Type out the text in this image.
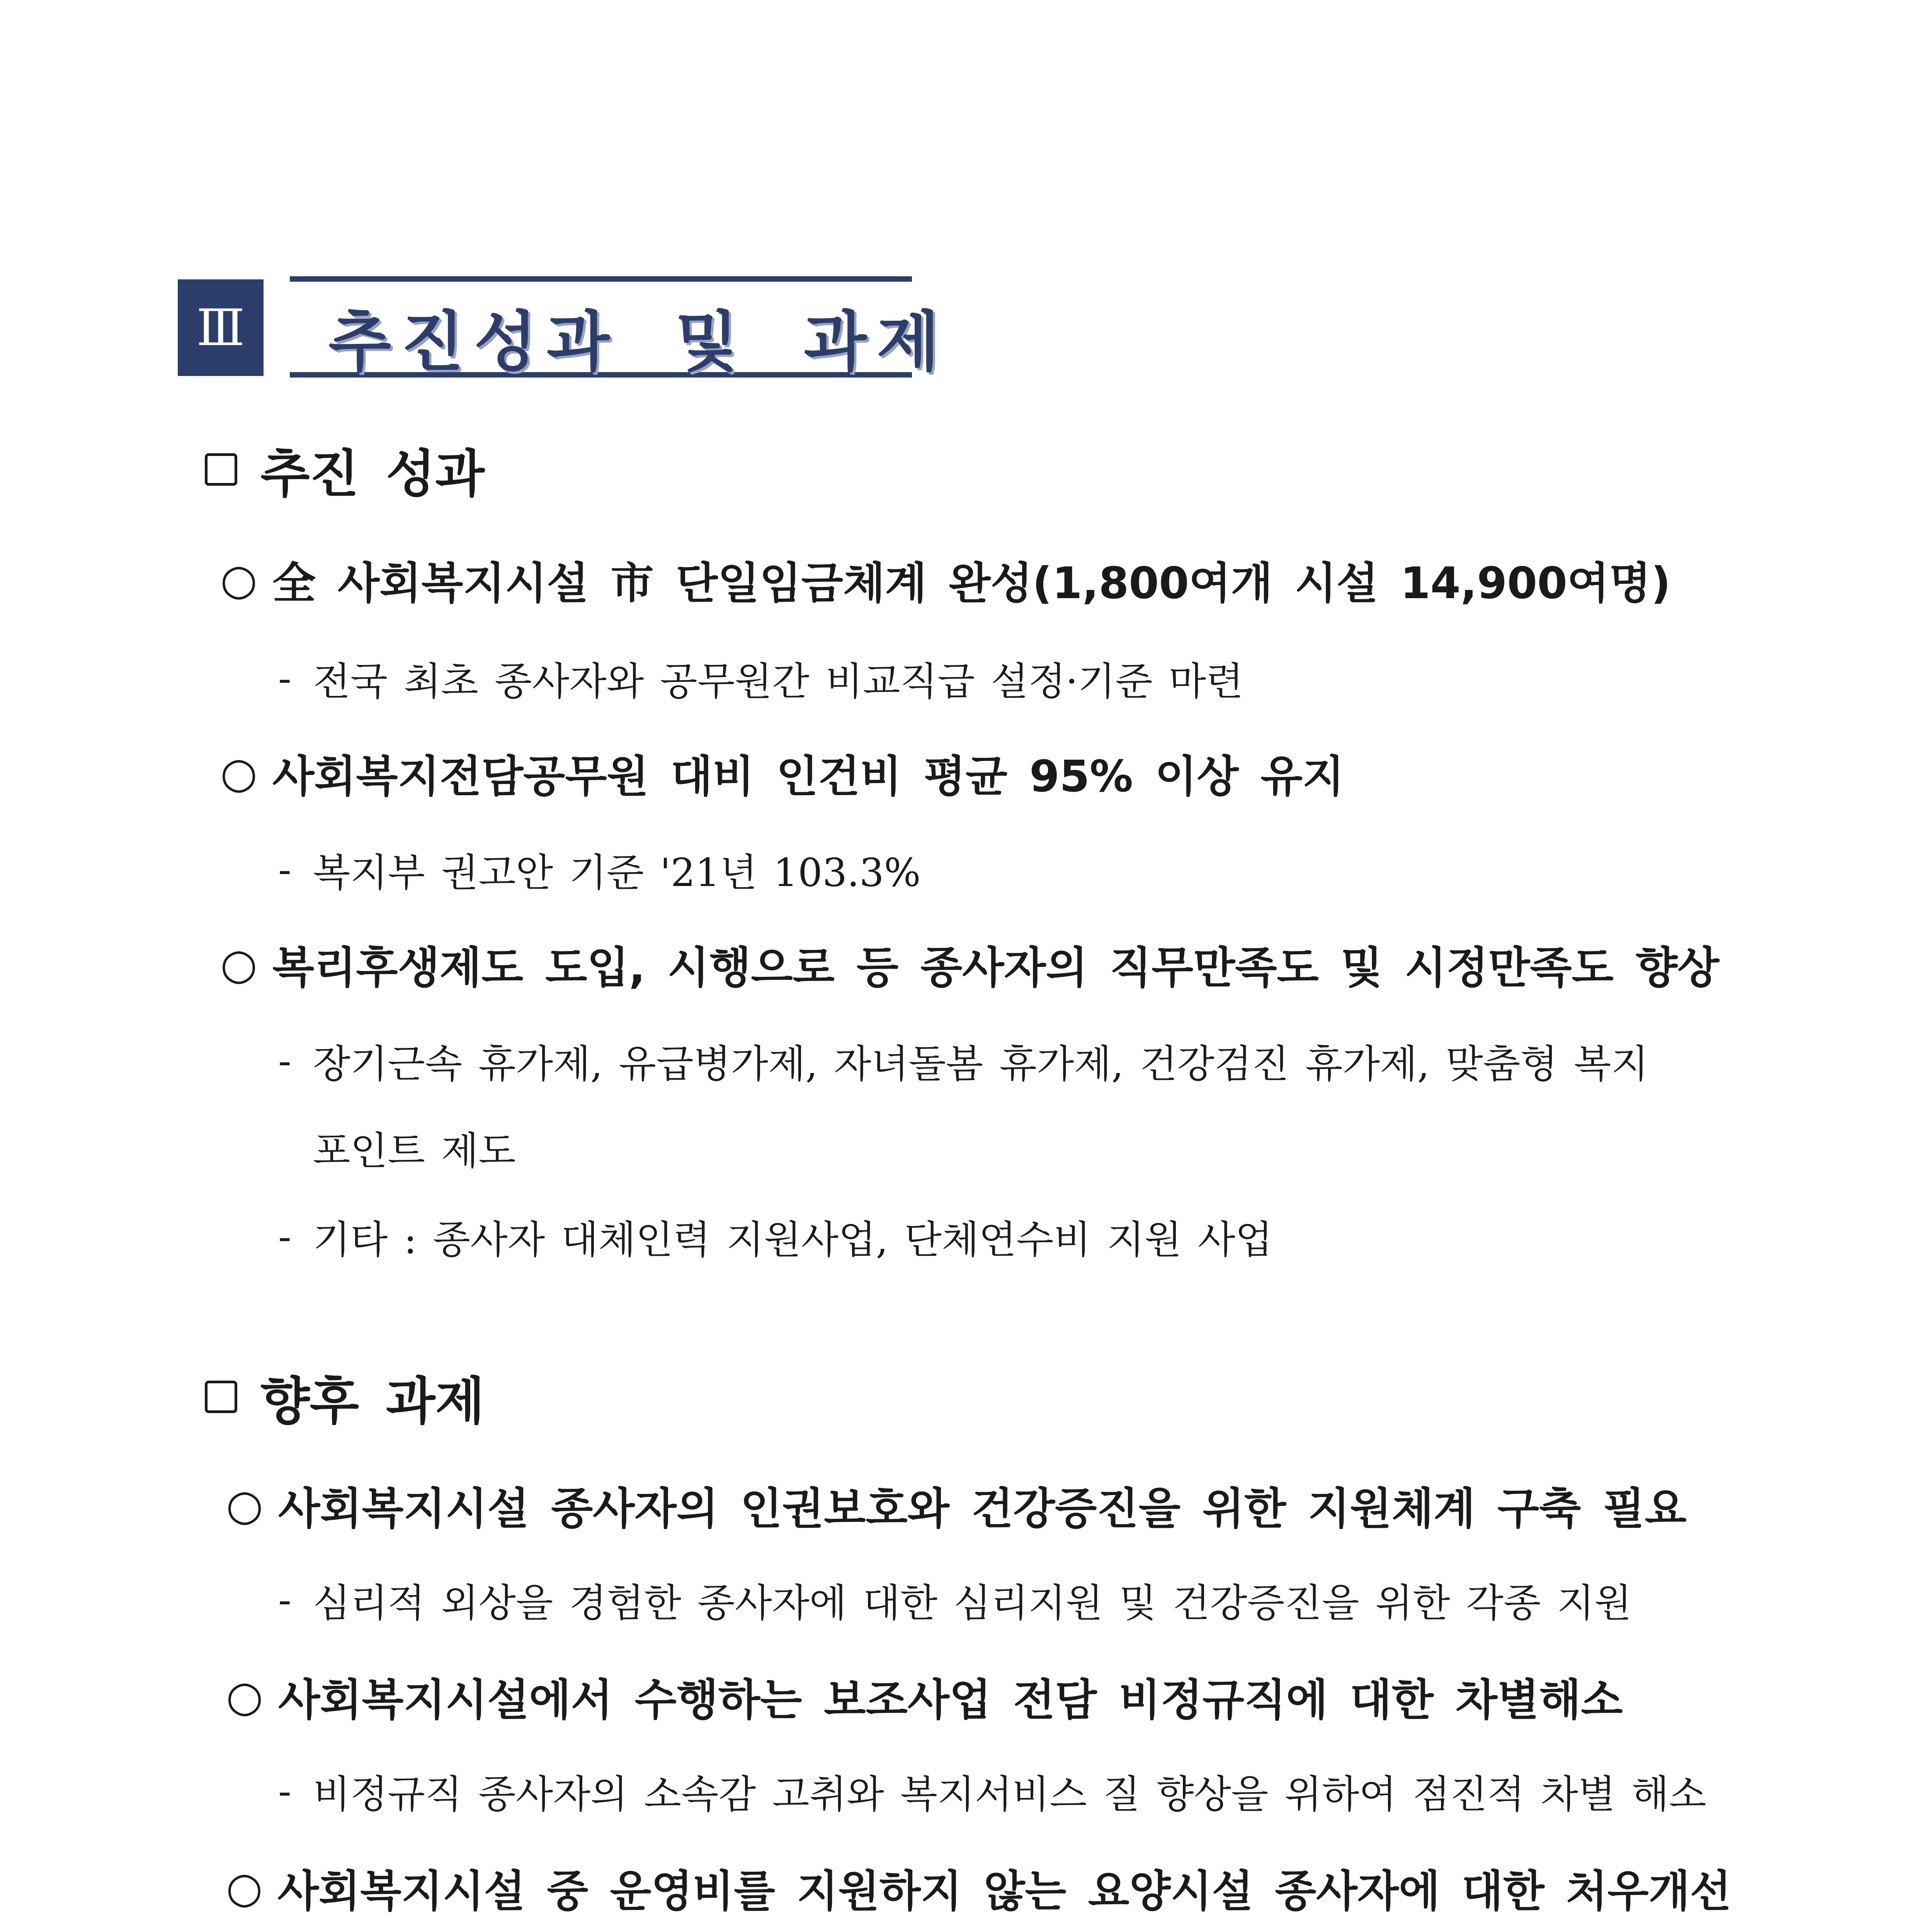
Ⅲ 추진성과 및 과제
추진 성과
○ 全 사회복지시설 市 단일임금체계 완성(1,800여개 시설 14,900여명)
- 전국 최초 종사자와 공무원간 비교직급 설정·기준 마련
○ 사회복지전담공무원 대비 인건비 평균 95% 이상 유지
- 복지부 권고안 기준 '21년 103.3%
○ 복리후생제도 도입, 시행으로 등 종사자의 직무만족도 및 시정만족도 향상
- 장기근속 휴가제, 유급병가제, 자녀돌봄 휴가제, 건강검진 휴가제, 맞춤형 복지
포인트 제도
- 기타 : 종사자 대체인력 지원사업, 단체연수비 지원 사업
향후 과제
○ 사회복지시설 종사자의 인권보호와 건강증진을 위한 지원체계 구축 필요
- 심리적 외상을 경험한 종사자에 대한 심리지원 및 건강증진을 위한 각종 지원
○ 사회복지시설에서 수행하는 보조사업 전담 비정규직에 대한 차별해소
- 비정규직 종사자의 소속감 고취와 복지서비스 질 향상을 위하여 점진적 차별 해소
○ 사회복지시설 중 운영비를 지원하지 않는 요양시설 종사자에 대한 처우개선
